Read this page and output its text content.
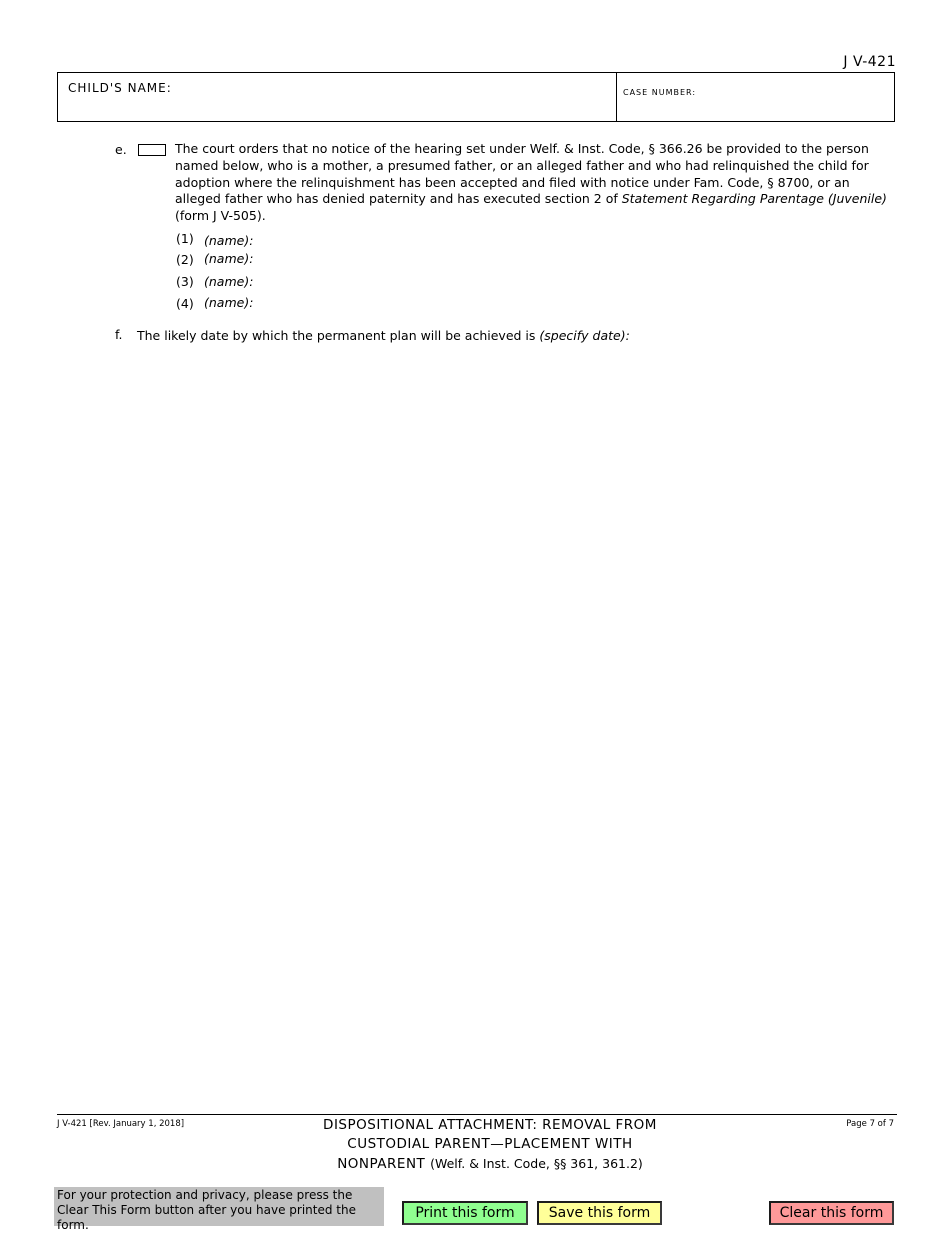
J V-421
CHILD'S NAME:	CASE NUMBER:
e.	The court orders that no notice of the hearing set under Welf. & Inst. Code, § 366.26 be provided to the person named below, who is a mother, a presumed father, or an alleged father and who had relinquished the child for adoption where the relinquishment has been accepted and filed with notice under Fam. Code, § 8700, or an alleged father who has denied paternity and has executed section 2 of Statement Regarding Parentage (Juvenile) (form J V-505).
(1) (name):
(2) (name):
(3) (name):
(4) (name):
f. The likely date by which the permanent plan will be achieved is (specify date):
J V-421 [Rev. January 1, 2018]	Page 7 of 7
DISPOSITIONAL ATTACHMENT: REMOVAL FROM
CUSTODIAL PARENT—PLACEMENT WITH
NONPARENT (Welf. & Inst. Code, §§ 361, 361.2)
For your protection and privacy, please press the Clear This Form button after you have printed the form.
Print this form	Save this form	Clear this form
